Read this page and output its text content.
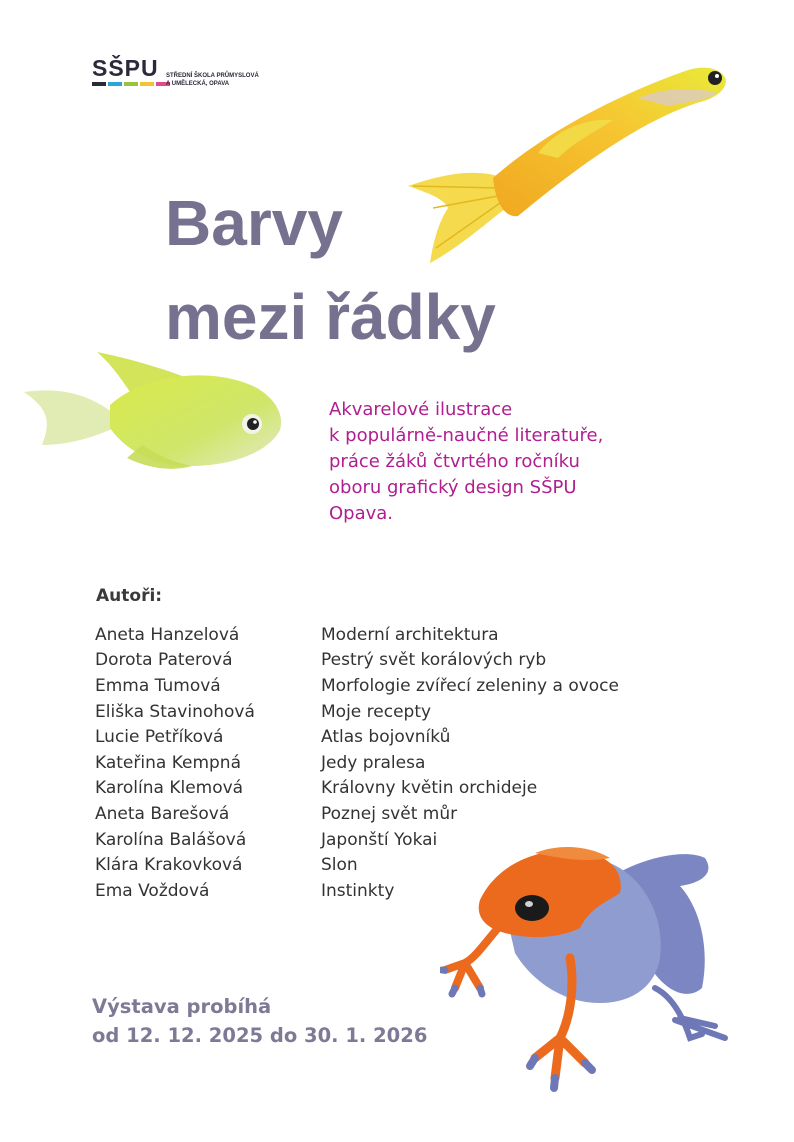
SŠPU	STŘEDNÍ ŠKOLA PRŮMYSLOVÁ
A UMĚLECKÁ, OPAVA
Barvy
mezi řádky

Akvarelové ilustrace
k populárně-naučné literatuře,
práce žáků čtvrtého ročníku
oboru grafický design SŠPU
Opava.

Autoři:
Aneta Hanzelová	Moderní architektura
Dorota Paterová	Pestrý svět korálových ryb
Emma Tumová	Morfologie zvířecí zeleniny a ovoce
Eliška Stavinohová	Moje recepty
Lucie Petříková	Atlas bojovníků
Kateřina Kempná	Jedy pralesa
Karolína Klemová	Královny květin orchideje
Aneta Barešová	Poznej svět můr
Karolína Balášová	Japonští Yokai
Klára Krakovková	Slon
Ema Voždová	Instinkty
Výstava probíhá
od 12. 12. 2025 do 30. 1. 2026
